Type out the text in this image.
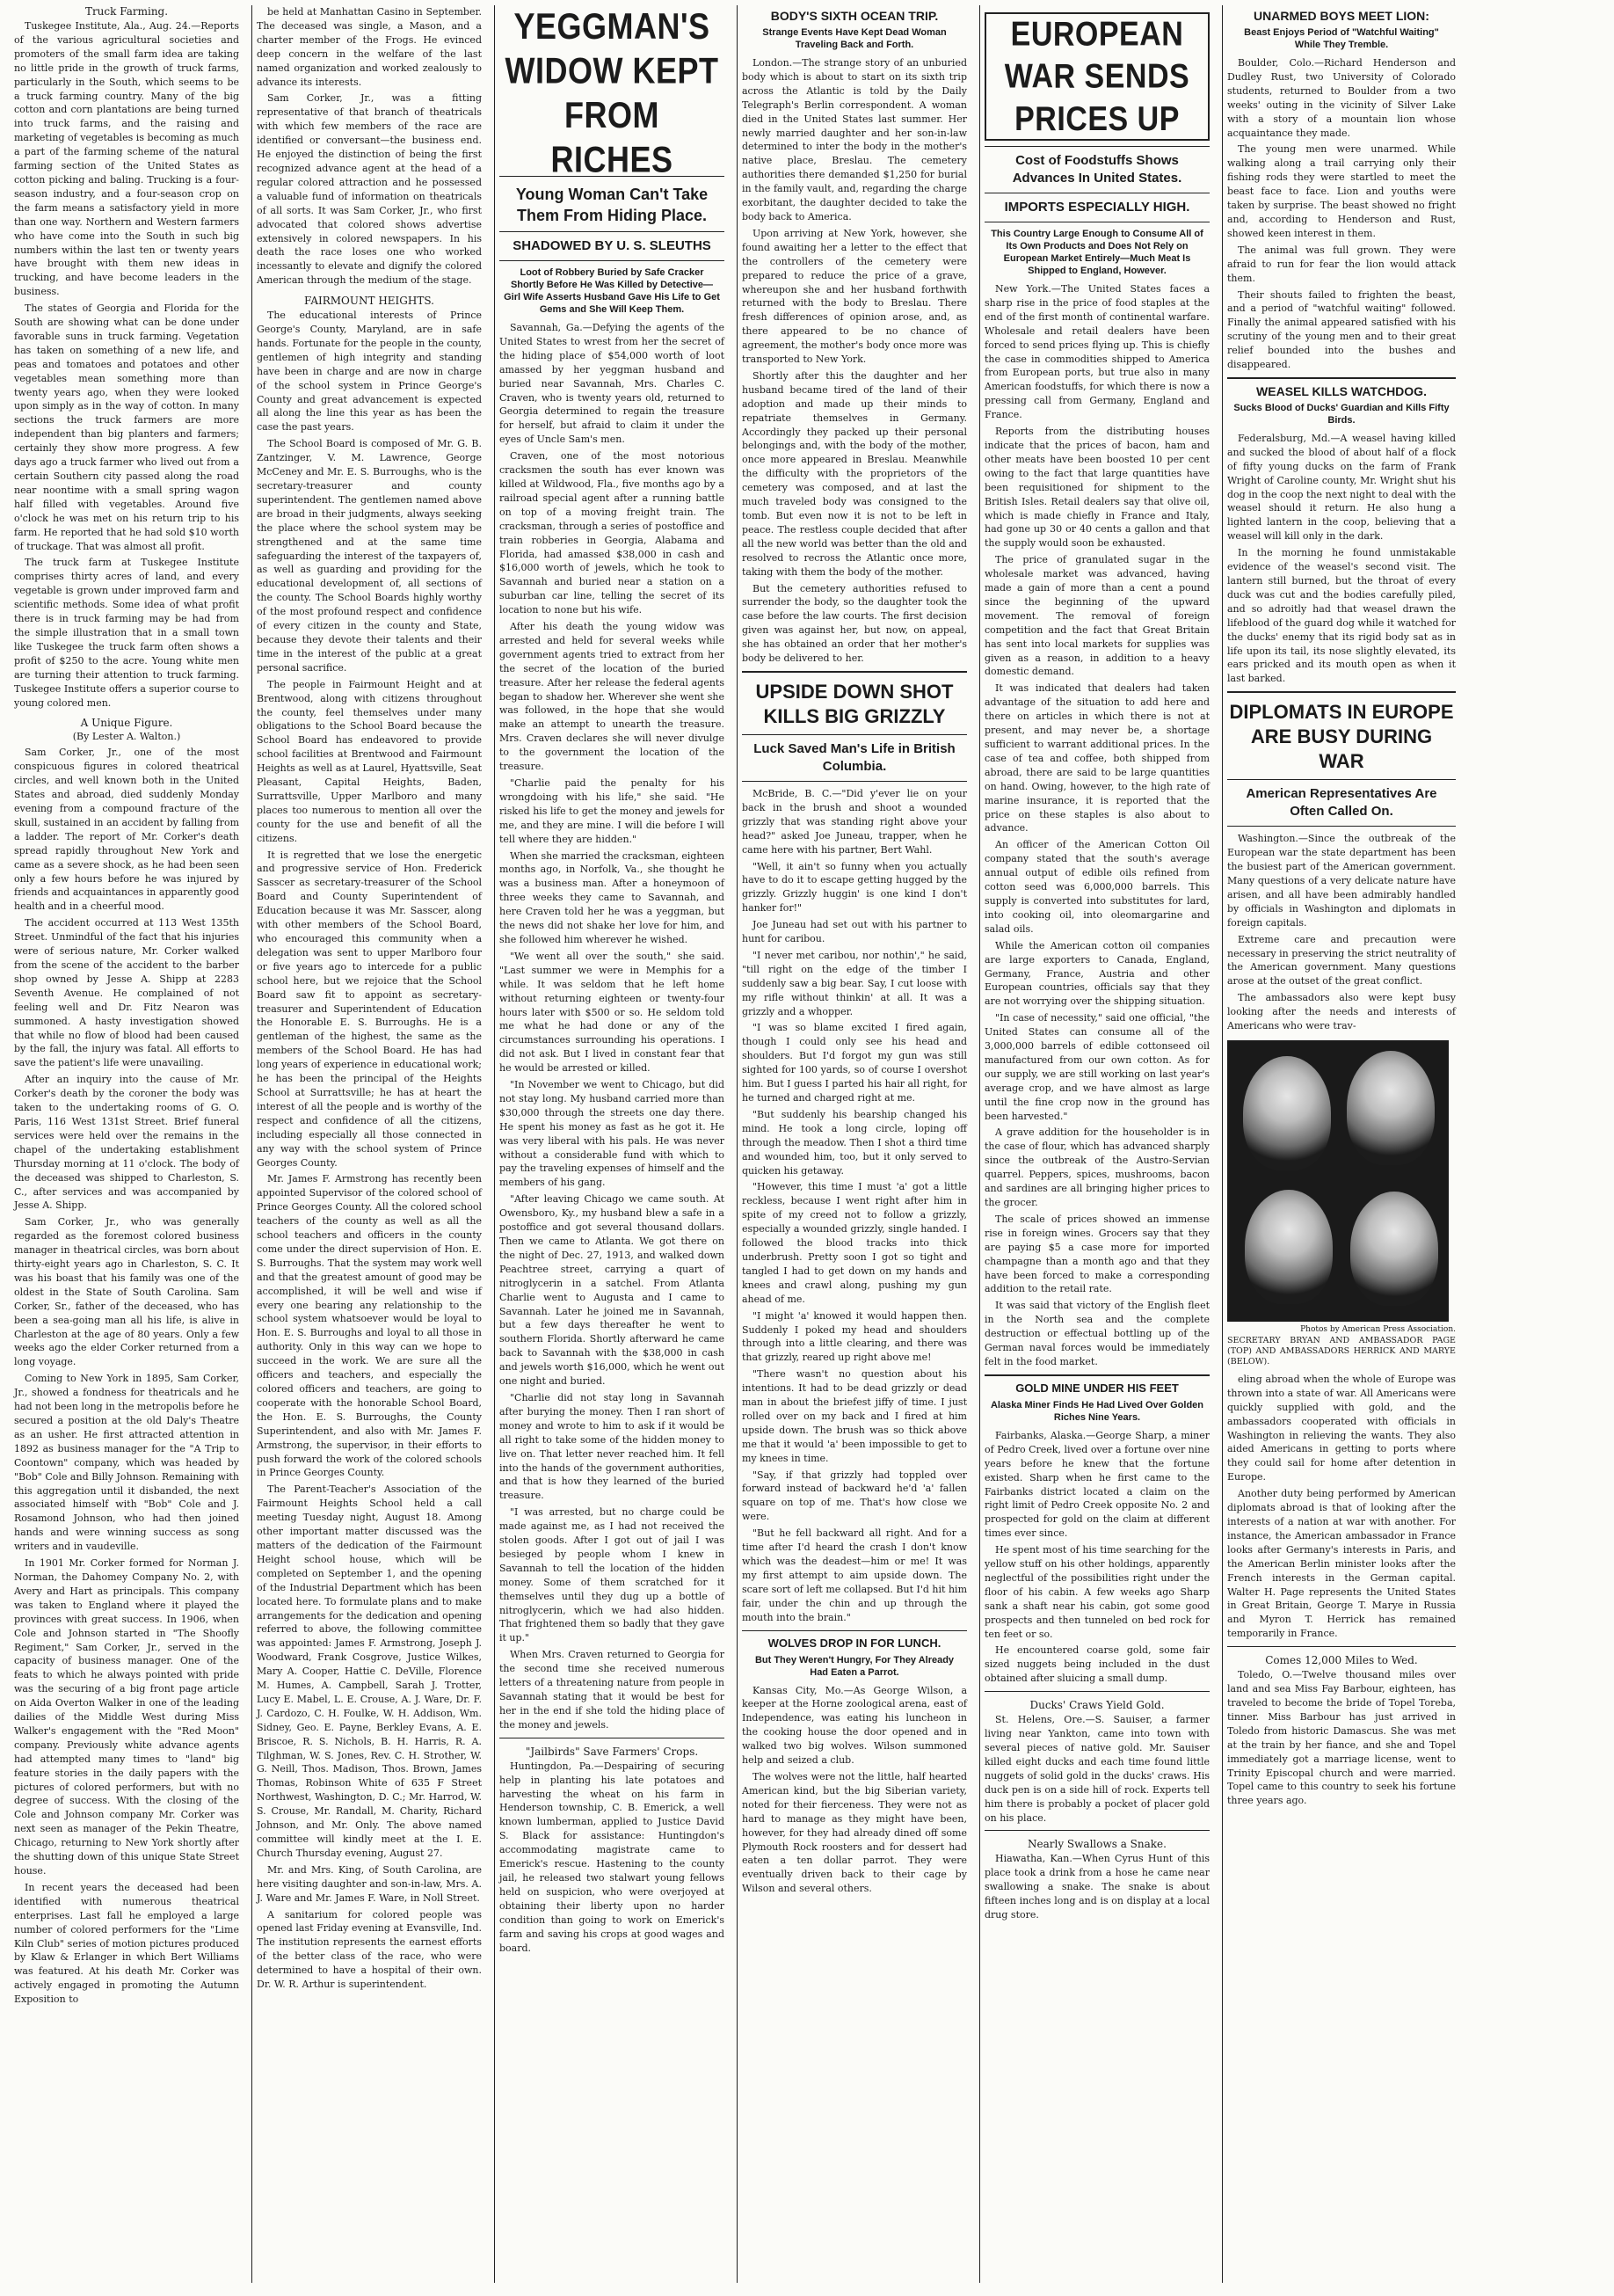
Truck Farming.

Tuskegee Institute, Ala., Aug. 24.—Reports of the various agricultural societies and promoters of the small farm idea are taking no little pride in the growth of truck farms, particularly in the South, which seems to be a truck farming country. Many of the big cotton and corn plantations are being turned into truck farms, and the raising and marketing of vegetables is becoming as much a part of the farming scheme of the natural farming section of the United States as cotton picking and baling. Trucking is a four-season industry, and a four-season crop on the farm means a satisfactory yield in more than one way. Northern and Western farmers who have come into the South in such big numbers within the last ten or twenty years have brought with them new ideas in trucking, and have become leaders in the business.

The states of Georgia and Florida for the South are showing what can be done under favorable suns in truck farming. Vegetation has taken on something of a new life, and peas and tomatoes and potatoes and other vegetables mean something more than twenty years ago, when they were looked upon simply as in the way of cotton. In many sections the truck farmers are more independent than big planters and farmers; certainly they show more progress. A few days ago a truck farmer who lived out from a certain Southern city passed along the road near noontime with a small spring wagon half filled with vegetables. Around five o'clock he was met on his return trip to his farm. He reported that he had sold $10 worth of truckage. That was almost all profit.

The truck farm at Tuskegee Institute comprises thirty acres of land, and every vegetable is grown under improved farm and scientific methods. Some idea of what profit there is in truck farming may be had from the simple illustration that in a small town like Tuskegee the truck farm often shows a profit of $250 to the acre. Young white men are turning their attention to truck farming. Tuskegee Institute offers a superior course to young colored men.

A Unique Figure.
(By Lester A. Walton.)

Sam Corker, Jr., one of the most conspicuous figures in colored theatrical circles, and well known both in the United States and abroad, died suddenly Monday evening from a compound fracture of the skull, sustained in an accident by falling from a ladder. The report of Mr. Corker's death spread rapidly throughout New York and came as a severe shock, as he had been seen only a few hours before he was injured by friends and acquaintances in apparently good health and in a cheerful mood.

The accident occurred at 113 West 135th Street. Unmindful of the fact that his injuries were of serious nature, Mr. Corker walked from the scene of the accident to the barber shop owned by Jesse A. Shipp at 2283 Seventh Avenue. He complained of not feeling well and Dr. Fitz Nearon was summoned. A hasty investigation showed that while no flow of blood had been caused by the fall, the injury was fatal. All efforts to save the patient's life were unavailing.

After an inquiry into the cause of Mr. Corker's death by the coroner the body was taken to the undertaking rooms of G. O. Paris, 116 West 131st Street. Brief funeral services were held over the remains in the chapel of the undertaking establishment Thursday morning at 11 o'clock. The body of the deceased was shipped to Charleston, S. C., after services and was accompanied by Jesse A. Shipp.

Sam Corker, Jr., who was generally regarded as the foremost colored business manager in theatrical circles, was born about thirty-eight years ago in Charleston, S. C. It was his boast that his family was one of the oldest in the State of South Carolina. Sam Corker, Sr., father of the deceased, who has been a sea-going man all his life, is alive in Charleston at the age of 80 years. Only a few weeks ago the elder Corker returned from a long voyage.

Coming to New York in 1895, Sam Corker, Jr., showed a fondness for theatricals and he had not been long in the metropolis before he secured a position at the old Daly's Theatre as an usher. He first attracted attention in 1892 as business manager for the "A Trip to Coontown" company, which was headed by "Bob" Cole and Billy Johnson. Remaining with this aggregation until it disbanded, the next associated himself with "Bob" Cole and J. Rosamond Johnson, who had then joined hands and were winning success as song writers and in vaudeville.

In 1901 Mr. Corker formed for Norman J. Norman, the Dahomey Company No. 2, with Avery and Hart as principals. This company was taken to England where it played the provinces with great success. In 1906, when Cole and Johnson started in "The Shoofly Regiment," Sam Corker, Jr., served in the capacity of business manager. One of the feats to which he always pointed with pride was the securing of a big front page article on Aida Overton Walker in one of the leading dailies of the Middle West during Miss Walker's engagement with the "Red Moon" company. Previously white advance agents had attempted many times to "land" big feature stories in the daily papers with the pictures of colored performers, but with no degree of success. With the closing of the Cole and Johnson company Mr. Corker was next seen as manager of the Pekin Theatre, Chicago, returning to New York shortly after the shutting down of this unique State Street house.

In recent years the deceased had been identified with numerous theatrical enterprises. Last fall he employed a large number of colored performers for the "Lime Kiln Club" series of motion pictures produced by Klaw & Erlanger in which Bert Williams was featured. At his death Mr. Corker was actively engaged in promoting the Autumn Exposition to

be held at Manhattan Casino in September. The deceased was single, a Mason, and a charter member of the Frogs. He evinced deep concern in the welfare of the last named organization and worked zealously to advance its interests.

Sam Corker, Jr., was a fitting representative of that branch of theatricals with which few members of the race are identified or conversant—the business end. He enjoyed the distinction of being the first recognized advance agent at the head of a regular colored attraction and he possessed a valuable fund of information on theatricals of all sorts. It was Sam Corker, Jr., who first advocated that colored shows advertise extensively in colored newspapers. In his death the race loses one who worked incessantly to elevate and dignify the colored American through the medium of the stage.

FAIRMOUNT HEIGHTS.

The educational interests of Prince George's County, Maryland, are in safe hands. Fortunate for the people in the county, gentlemen of high integrity and standing have been in charge and are now in charge of the school system in Prince George's County and great advancement is expected all along the line this year as has been the case the past years.

The School Board is composed of Mr. G. B. Zantzinger, V. M. Lawrence, George McCeney and Mr. E. S. Burroughs, who is the secretary-treasurer and county superintendent. The gentlemen named above are broad in their judgments, always seeking the place where the school system may be strengthened and at the same time safeguarding the interest of the taxpayers of, as well as guarding and providing for the educational development of, all sections of the county. The School Boards highly worthy of the most profound respect and confidence of every citizen in the county and State, because they devote their talents and their time in the interest of the public at a great personal sacrifice.

The people in Fairmount Height and at Brentwood, along with citizens throughout the county, feel themselves under many obligations to the School Board because the School Board has endeavored to provide school facilities at Brentwood and Fairmount Heights as well as at Laurel, Hyattsville, Seat Pleasant, Capital Heights, Baden, Surrattsville, Upper Marlboro and many places too numerous to mention all over the county for the use and benefit of all the citizens.

It is regretted that we lose the energetic and progressive service of Hon. Frederick Sasscer as secretary-treasurer of the School Board and County Superintendent of Education because it was Mr. Sasscer, along with other members of the School Board, who encouraged this community when a delegation was sent to upper Marlboro four or five years ago to intercede for a public school here, but we rejoice that the School Board saw fit to appoint as secretary-treasurer and Superintendent of Education the Honorable E. S. Burroughs. He is a gentleman of the highest, the same as the members of the School Board. He has had long years of experience in educational work; he has been the principal of the Heights School at Surrattsville; he has at heart the interest of all the people and is worthy of the respect and confidence of all the citizens, including especially all those connected in any way with the school system of Prince Georges County.

Mr. James F. Armstrong has recently been appointed Supervisor of the colored school of Prince Georges County. All the colored school teachers of the county as well as all the school teachers and officers in the county come under the direct supervision of Hon. E. S. Burroughs. That the system may work well and that the greatest amount of good may be accomplished, it will be well and wise if every one bearing any relationship to the school system whatsoever would be loyal to Hon. E. S. Burroughs and loyal to all those in authority. Only in this way can we hope to succeed in the work. We are sure all the officers and teachers, and especially the colored officers and teachers, are going to cooperate with the honorable School Board, the Hon. E. S. Burroughs, the County Superintendent, and also with Mr. James F. Armstrong, the supervisor, in their efforts to push forward the work of the colored schools in Prince Georges County.

The Parent-Teacher's Association of the Fairmount Heights School held a call meeting Tuesday night, August 18. Among other important matter discussed was the matters of the dedication of the Fairmount Height school house, which will be completed on September 1, and the opening of the Industrial Department which has been located here. To formulate plans and to make arrangements for the dedication and opening referred to above, the following committee was appointed: James F. Armstrong, Joseph J. Woodward, Frank Cosgrove, Justice Wilkes, Mary A. Cooper, Hattie C. DeVille, Florence M. Humes, A. Campbell, Sarah J. Trotter, Lucy E. Mabel, L. E. Crouse, A. J. Ware, Dr. F. J. Cardozo, C. H. Foulke, W. H. Addison, Wm. Sidney, Geo. E. Payne, Berkley Evans, A. E. Briscoe, R. S. Nichols, B. H. Harris, R. A. Tilghman, W. S. Jones, Rev. C. H. Strother, W. G. Neill, Thos. Madison, Thos. Brown, James Thomas, Robinson White of 635 F Street Northwest, Washington, D. C.; Mr. Harrod, W. S. Crouse, Mr. Randall, M. Charity, Richard Johnson, and Mr. Only. The above named committee will kindly meet at the I. E. Church Thursday evening, August 27.

Mr. and Mrs. King, of South Carolina, are here visiting daughter and son-in-law, Mrs. A. J. Ware and Mr. James F. Ware, in Noll Street.

A sanitarium for colored people was opened last Friday evening at Evansville, Ind. The institution represents the earnest efforts of the better class of the race, who were determined to have a hospital of their own. Dr. W. R. Arthur is superintendent.

YEGGMAN'S WIDOW KEPT FROM RICHES
Young Woman Can't Take Them From Hiding Place.
SHADOWED BY U. S. SLEUTHS
Loot of Robbery Buried by Safe Cracker Shortly Before He Was Killed by Detective—Girl Wife Asserts Husband Gave His Life to Get Gems and She Will Keep Them.

Savannah, Ga.—Defying the agents of the United States to wrest from her the secret of the hiding place of $54,000 worth of loot amassed by her yeggman husband and buried near Savannah, Mrs. Charles C. Craven, who is twenty years old, returned to Georgia determined to regain the treasure for herself, but afraid to claim it under the eyes of Uncle Sam's men.

Craven, one of the most notorious cracksmen the south has ever known was killed at Wildwood, Fla., five months ago by a railroad special agent after a running battle on top of a moving freight train. The cracksman, through a series of postoffice and train robberies in Georgia, Alabama and Florida, had amassed $38,000 in cash and $16,000 worth of jewels, which he took to Savannah and buried near a station on a suburban car line, telling the secret of its location to none but his wife.

After his death the young widow was arrested and held for several weeks while government agents tried to extract from her the secret of the location of the buried treasure. After her release the federal agents began to shadow her. Wherever she went she was followed, in the hope that she would make an attempt to unearth the treasure. Mrs. Craven declares she will never divulge to the government the location of the treasure.

"Charlie paid the penalty for his wrongdoing with his life," she said. "He risked his life to get the money and jewels for me, and they are mine. I will die before I will tell where they are hidden."

When she married the cracksman, eighteen months ago, in Norfolk, Va., she thought he was a business man. After a honeymoon of three weeks they came to Savannah, and here Craven told her he was a yeggman, but the news did not shake her love for him, and she followed him wherever he wished.

"We went all over the south," she said. "Last summer we were in Memphis for a while. It was seldom that he left home without returning eighteen or twenty-four hours later with $500 or so. He seldom told me what he had done or any of the circumstances surrounding his operations. I did not ask. But I lived in constant fear that he would be arrested or killed.

"In November we went to Chicago, but did not stay long. My husband carried more than $30,000 through the streets one day there. He spent his money as fast as he got it. He was very liberal with his pals. He was never without a considerable fund with which to pay the traveling expenses of himself and the members of his gang.

"After leaving Chicago we came south. At Owensboro, Ky., my husband blew a safe in a postoffice and got several thousand dollars. Then we came to Atlanta. We got there on the night of Dec. 27, 1913, and walked down Peachtree street, carrying a quart of nitroglycerin in a satchel. From Atlanta Charlie went to Augusta and I came to Savannah. Later he joined me in Savannah, but a few days thereafter he went to southern Florida. Shortly afterward he came back to Savannah with the $38,000 in cash and jewels worth $16,000, which he went out one night and buried.

"Charlie did not stay long in Savannah after burying the money. Then I ran short of money and wrote to him to ask if it would be all right to take some of the hidden money to live on. That letter never reached him. It fell into the hands of the government authorities, and that is how they learned of the buried treasure.

"I was arrested, but no charge could be made against me, as I had not received the stolen goods. After I got out of jail I was besieged by people whom I knew in Savannah to tell the location of the hidden money. Some of them scratched for it themselves until they dug up a bottle of nitroglycerin, which we had also hidden. That frightened them so badly that they gave it up."

When Mrs. Craven returned to Georgia for the second time she received numerous letters of a threatening nature from people in Savannah stating that it would be best for her in the end if she told the hiding place of the money and jewels.

"Jailbirds" Save Farmers' Crops.

Huntingdon, Pa.—Despairing of securing help in planting his late potatoes and harvesting the wheat on his farm in Henderson township, C. B. Emerick, a well known lumberman, applied to Justice David S. Black for assistance: Huntingdon's accommodating magistrate came to Emerick's rescue. Hastening to the county jail, he released two stalwart young fellows held on suspicion, who were overjoyed at obtaining their liberty upon no harder condition than going to work on Emerick's farm and saving his crops at good wages and board.

BODY'S SIXTH OCEAN TRIP.
Strange Events Have Kept Dead Woman Traveling Back and Forth.

London.—The strange story of an unburied body which is about to start on its sixth trip across the Atlantic is told by the Daily Telegraph's Berlin correspondent. A woman died in the United States last summer. Her newly married daughter and her son-in-law determined to inter the body in the mother's native place, Breslau. The cemetery authorities there demanded $1,250 for burial in the family vault, and, regarding the charge exorbitant, the daughter decided to take the body back to America.

Upon arriving at New York, however, she found awaiting her a letter to the effect that the controllers of the cemetery were prepared to reduce the price of a grave, whereupon she and her husband forthwith returned with the body to Breslau. There fresh differences of opinion arose, and, as there appeared to be no chance of agreement, the mother's body once more was transported to New York.

Shortly after this the daughter and her husband became tired of the land of their adoption and made up their minds to repatriate themselves in Germany. Accordingly they packed up their personal belongings and, with the body of the mother, once more appeared in Breslau. Meanwhile the difficulty with the proprietors of the cemetery was composed, and at last the much traveled body was consigned to the tomb. But even now it is not to be left in peace. The restless couple decided that after all the new world was better than the old and resolved to recross the Atlantic once more, taking with them the body of the mother.

But the cemetery authorities refused to surrender the body, so the daughter took the case before the law courts. The first decision given was against her, but now, on appeal, she has obtained an order that her mother's body be delivered to her.

UPSIDE DOWN SHOT KILLS BIG GRIZZLY
Luck Saved Man's Life in British Columbia.

McBride, B. C.—"Did y'ever lie on your back in the brush and shoot a wounded grizzly that was standing right above your head?" asked Joe Juneau, trapper, when he came here with his partner, Bert Wahl.

"Well, it ain't so funny when you actually have to do it to escape getting hugged by the grizzly. Grizzly huggin' is one kind I don't hanker for!"

Joe Juneau had set out with his partner to hunt for caribou.

"I never met caribou, nor nothin'," he said, "till right on the edge of the timber I suddenly saw a big bear. Say, I cut loose with my rifle without thinkin' at all. It was a grizzly and a whopper.

"I was so blame excited I fired again, though I could only see his head and shoulders. But I'd forgot my gun was still sighted for 100 yards, so of course I overshot him. But I guess I parted his hair all right, for he turned and charged right at me.

"But suddenly his bearship changed his mind. He took a long circle, loping off through the meadow. Then I shot a third time and wounded him, too, but it only served to quicken his getaway.

"However, this time I must 'a' got a little reckless, because I went right after him in spite of my creed not to follow a grizzly, especially a wounded grizzly, single handed. I followed the blood tracks into thick underbrush. Pretty soon I got so tight and tangled I had to get down on my hands and knees and crawl along, pushing my gun ahead of me.

"I might 'a' knowed it would happen then. Suddenly I poked my head and shoulders through into a little clearing, and there was that grizzly, reared up right above me!

"There wasn't no question about his intentions. It had to be dead grizzly or dead man in about the briefest jiffy of time. I just rolled over on my back and I fired at him upside down. The brush was so thick above me that it would 'a' been impossible to get to my knees in time.

"Say, if that grizzly had toppled over forward instead of backward he'd 'a' fallen square on top of me. That's how close we were.

"But he fell backward all right. And for a time after I'd heard the crash I don't know which was the deadest—him or me! It was my first attempt to aim upside down. The scare sort of left me collapsed. But I'd hit him fair, under the chin and up through the mouth into the brain."

WOLVES DROP IN FOR LUNCH.
But They Weren't Hungry, For They Already Had Eaten a Parrot.

Kansas City, Mo.—As George Wilson, a keeper at the Horne zoological arena, east of Independence, was eating his luncheon in the cooking house the door opened and in walked two big wolves. Wilson summoned help and seized a club.

The wolves were not the little, half hearted American kind, but the big Siberian variety, noted for their fierceness. They were not as hard to manage as they might have been, however, for they had already dined off some Plymouth Rock roosters and for dessert had eaten a ten dollar parrot. They were eventually driven back to their cage by Wilson and several others.

EUROPEAN WAR SENDS PRICES UP
Cost of Foodstuffs Shows Advances In United States.
IMPORTS ESPECIALLY HIGH.
This Country Large Enough to Consume All of Its Own Products and Does Not Rely on European Market Entirely—Much Meat Is Shipped to England, However.

New York.—The United States faces a sharp rise in the price of food staples at the end of the first month of continental warfare. Wholesale and retail dealers have been forced to send prices flying up. This is chiefly the case in commodities shipped to America from European ports, but true also in many American foodstuffs, for which there is now a pressing call from Germany, England and France.

Reports from the distributing houses indicate that the prices of bacon, ham and other meats have been boosted 10 per cent owing to the fact that large quantities have been requisitioned for shipment to the British Isles. Retail dealers say that olive oil, which is made chiefly in France and Italy, had gone up 30 or 40 cents a gallon and that the supply would soon be exhausted.

The price of granulated sugar in the wholesale market was advanced, having made a gain of more than a cent a pound since the beginning of the upward movement. The removal of foreign competition and the fact that Great Britain has sent into local markets for supplies was given as a reason, in addition to a heavy domestic demand.

It was indicated that dealers had taken advantage of the situation to add here and there on articles in which there is not at present, and may never be, a shortage sufficient to warrant additional prices. In the case of tea and coffee, both shipped from abroad, there are said to be large quantities on hand. Owing, however, to the high rate of marine insurance, it is reported that the price on these staples is also about to advance.

An officer of the American Cotton Oil company stated that the south's average annual output of edible oils refined from cotton seed was 6,000,000 barrels. This supply is converted into substitutes for lard, into cooking oil, into oleomargarine and salad oils.

While the American cotton oil companies are large exporters to Canada, England, Germany, France, Austria and other European countries, officials say that they are not worrying over the shipping situation.

"In case of necessity," said one official, "the United States can consume all of the 3,000,000 barrels of edible cottonseed oil manufactured from our own cotton. As for our supply, we are still working on last year's average crop, and we have almost as large until the fine crop now in the ground has been harvested."

A grave addition for the householder is in the case of flour, which has advanced sharply since the outbreak of the Austro-Servian quarrel. Peppers, spices, mushrooms, bacon and sardines are all bringing higher prices to the grocer.

The scale of prices showed an immense rise in foreign wines. Grocers say that they are paying $5 a case more for imported champagne than a month ago and that they have been forced to make a corresponding addition to the retail rate.

It was said that victory of the English fleet in the North sea and the complete destruction or effectual bottling up of the German naval forces would be immediately felt in the food market.

GOLD MINE UNDER HIS FEET
Alaska Miner Finds He Had Lived Over Golden Riches Nine Years.

Fairbanks, Alaska.—George Sharp, a miner of Pedro Creek, lived over a fortune over nine years before he knew that the fortune existed. Sharp when he first came to the Fairbanks district located a claim on the right limit of Pedro Creek opposite No. 2 and prospected for gold on the claim at different times ever since.

He spent most of his time searching for the yellow stuff on his other holdings, apparently neglectful of the possibilities right under the floor of his cabin. A few weeks ago Sharp sank a shaft near his cabin, got some good prospects and then tunneled on bed rock for ten feet or so.

He encountered coarse gold, some fair sized nuggets being included in the dust obtained after sluicing a small dump.

Ducks' Craws Yield Gold.

St. Helens, Ore.—S. Sauiser, a farmer living near Yankton, came into town with several pieces of native gold. Mr. Sauiser killed eight ducks and each time found little nuggets of solid gold in the ducks' craws. His duck pen is on a side hill of rock. Experts tell him there is probably a pocket of placer gold on his place.

Nearly Swallows a Snake.

Hiawatha, Kan.—When Cyrus Hunt of this place took a drink from a hose he came near swallowing a snake. The snake is about fifteen inches long and is on display at a local drug store.

UNARMED BOYS MEET LION:
Beast Enjoys Period of "Watchful Waiting" While They Tremble.

Boulder, Colo.—Richard Henderson and Dudley Rust, two University of Colorado students, returned to Boulder from a two weeks' outing in the vicinity of Silver Lake with a story of a mountain lion whose acquaintance they made.

The young men were unarmed. While walking along a trail carrying only their fishing rods they were startled to meet the beast face to face. Lion and youths were taken by surprise. The beast showed no fright and, according to Henderson and Rust, showed keen interest in them.

The animal was full grown. They were afraid to run for fear the lion would attack them.

Their shouts failed to frighten the beast, and a period of "watchful waiting" followed. Finally the animal appeared satisfied with his scrutiny of the young men and to their great relief bounded into the bushes and disappeared.

WEASEL KILLS WATCHDOG.
Sucks Blood of Ducks' Guardian and Kills Fifty Birds.

Federalsburg, Md.—A weasel having killed and sucked the blood of about half of a flock of fifty young ducks on the farm of Frank Wright of Caroline county, Mr. Wright shut his dog in the coop the next night to deal with the weasel should it return. He also hung a lighted lantern in the coop, believing that a weasel will kill only in the dark.

In the morning he found unmistakable evidence of the weasel's second visit. The lantern still burned, but the throat of every duck was cut and the bodies carefully piled, and so adroitly had that weasel drawn the lifeblood of the guard dog while it watched for the ducks' enemy that its rigid body sat as in life upon its tail, its nose slightly elevated, its ears pricked and its mouth open as when it last barked.

DIPLOMATS IN EUROPE ARE BUSY DURING WAR
American Representatives Are Often Called On.

Washington.—Since the outbreak of the European war the state department has been the busiest part of the American government. Many questions of a very delicate nature have arisen, and all have been admirably handled by officials in Washington and diplomats in foreign capitals.

Extreme care and precaution were necessary in preserving the strict neutrality of the American government. Many questions arose at the outset of the great conflict.

The ambassadors also were kept busy looking after the needs and interests of Americans who were trav-

Photos by American Press Association.
SECRETARY BRYAN AND AMBASSADOR PAGE (TOP) AND AMBASSADORS HERRICK AND MARYE (BELOW).

eling abroad when the whole of Europe was thrown into a state of war. All Americans were quickly supplied with gold, and the ambassadors cooperated with officials in Washington in relieving the wants. They also aided Americans in getting to ports where they could sail for home after detention in Europe.

Another duty being performed by American diplomats abroad is that of looking after the interests of a nation at war with another. For instance, the American ambassador in France looks after Germany's interests in Paris, and the American Berlin minister looks after the French interests in the German capital. Walter H. Page represents the United States in Great Britain, George T. Marye in Russia and Myron T. Herrick has remained temporarily in France.

Comes 12,000 Miles to Wed.

Toledo, O.—Twelve thousand miles over land and sea Miss Fay Barbour, eighteen, has traveled to become the bride of Topel Toreba, tinner. Miss Barbour has just arrived in Toledo from historic Damascus. She was met at the train by her fiance, and she and Topel immediately got a marriage license, went to Trinity Episcopal church and were married. Topel came to this country to seek his fortune three years ago.
